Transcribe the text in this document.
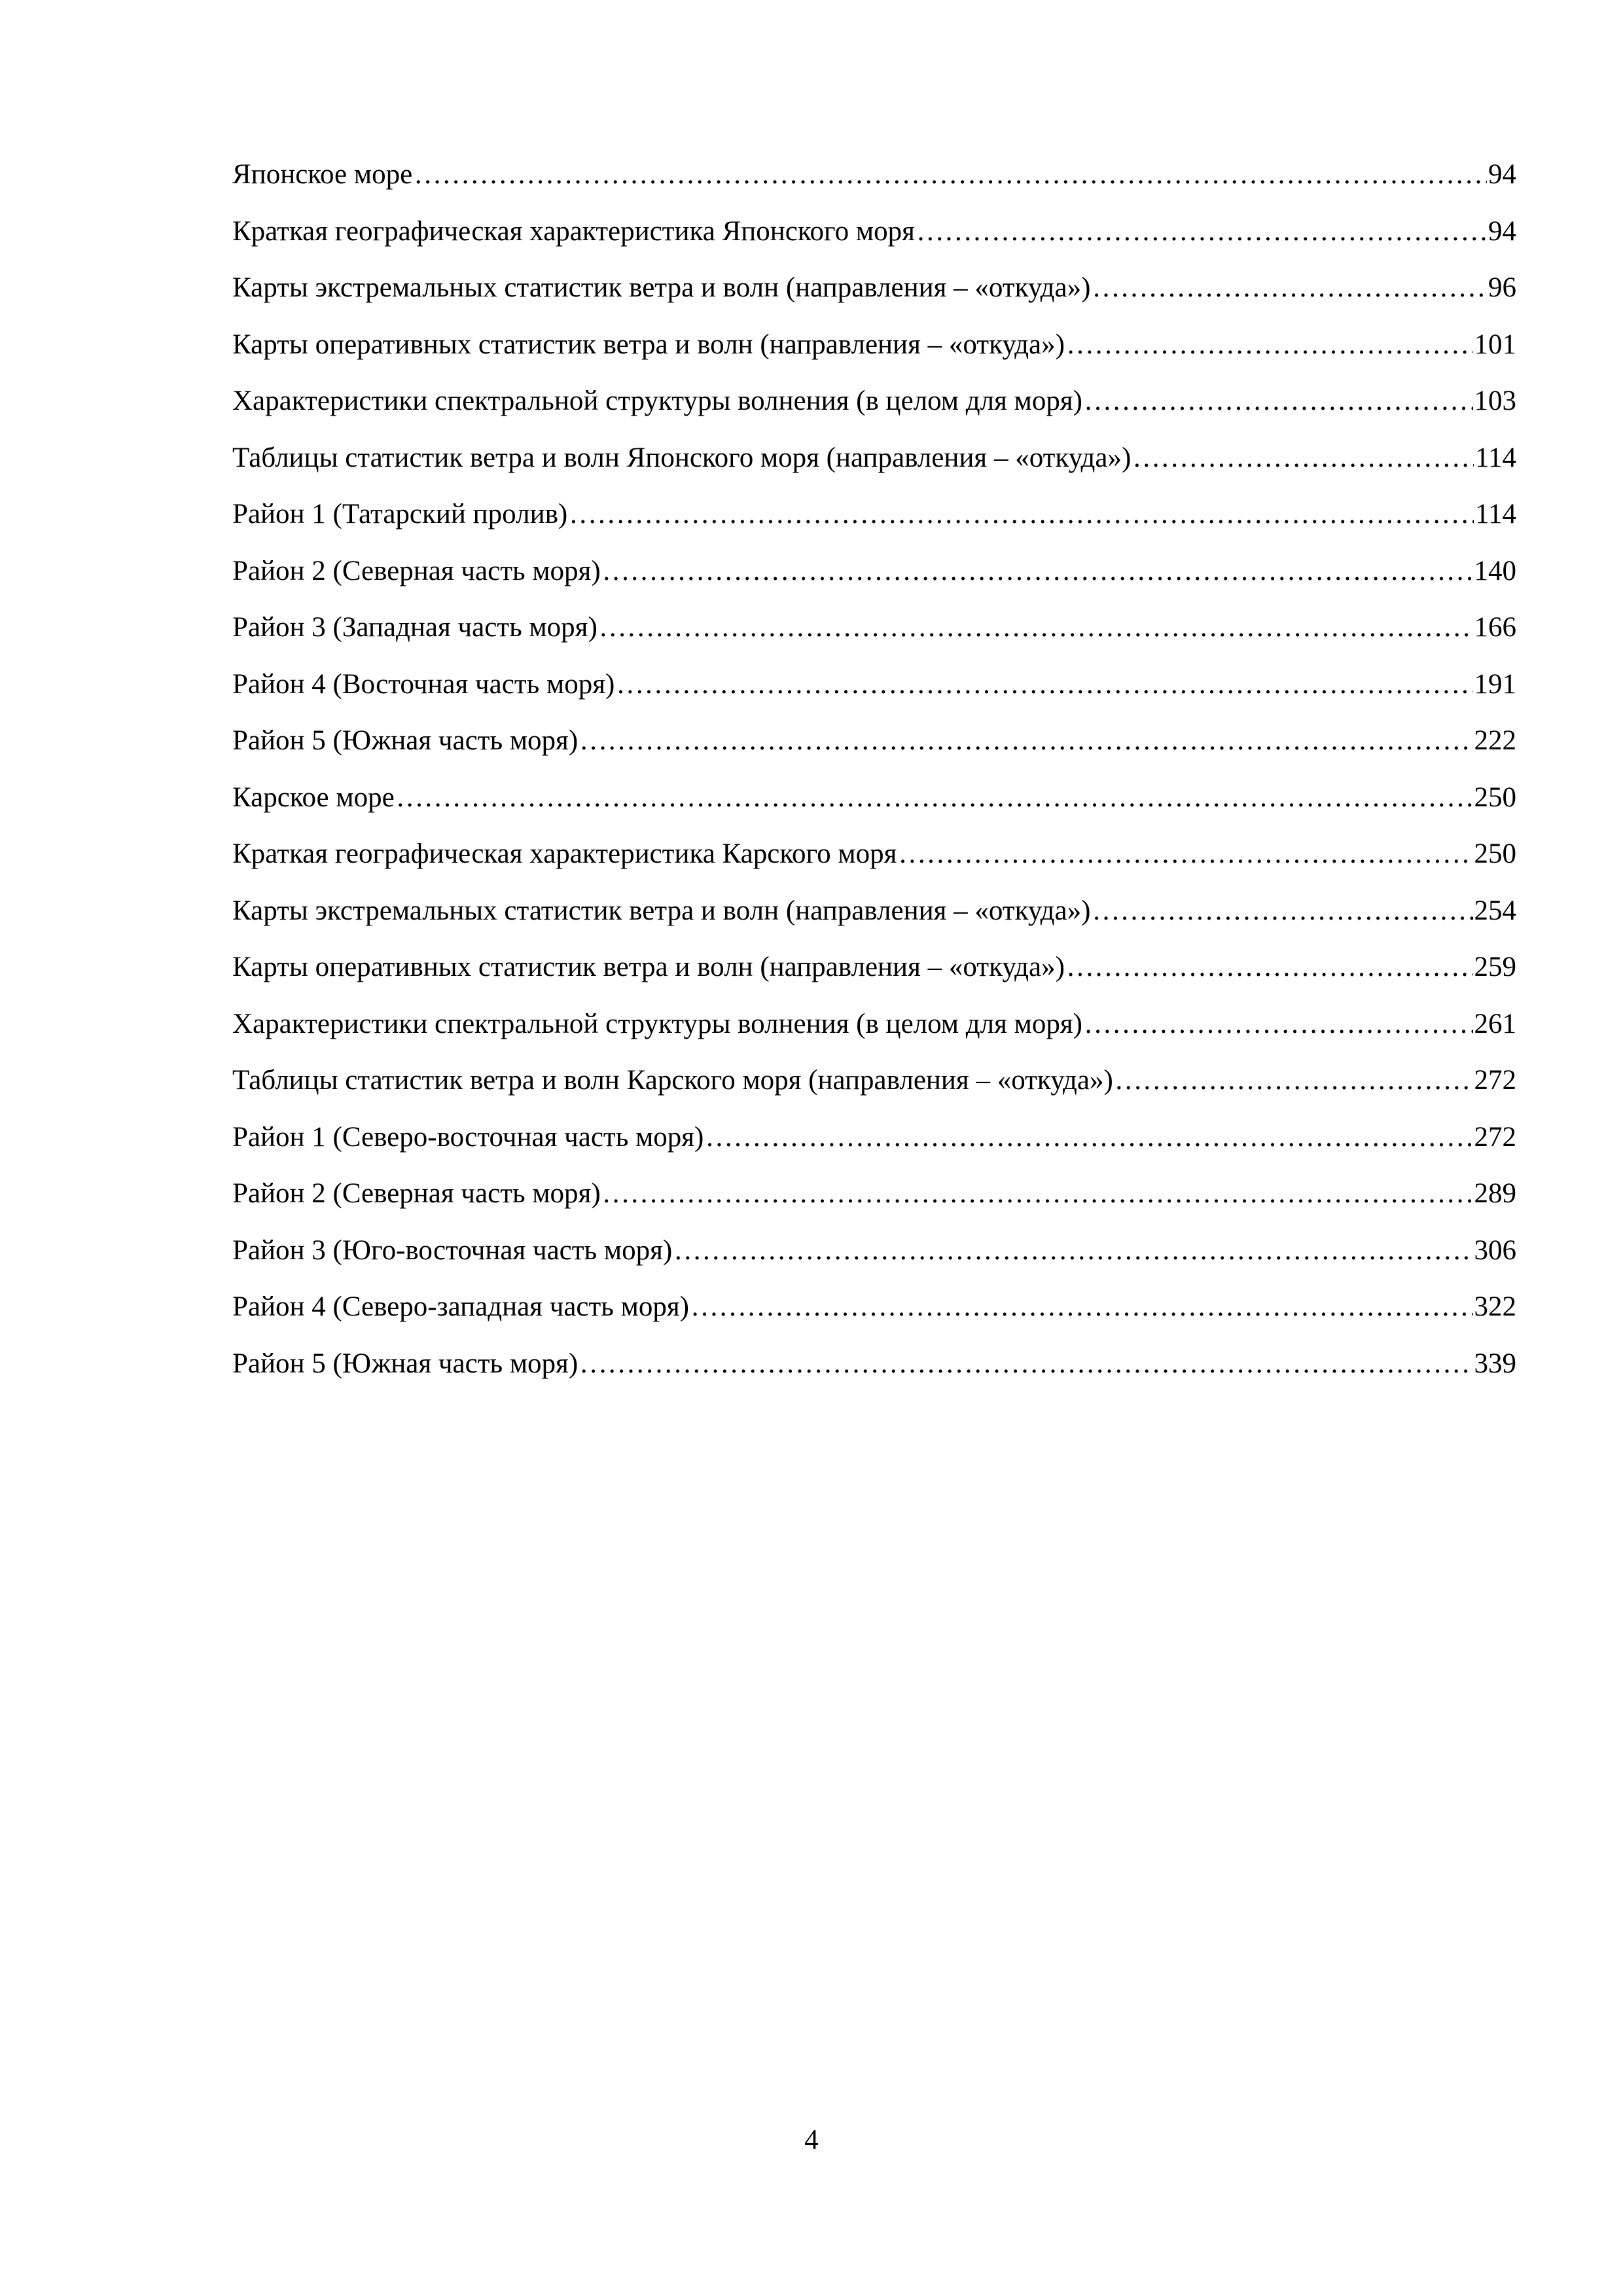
Японское море …………………………………………………………………………………………………………………………………………………………………………………………………………………………………………	94
Краткая географическая характеристика Японского моря …………………………………………………………………………………………………………………………………………………………………………………………………………………………………………	94
Карты экстремальных статистик ветра и волн (направления – «откуда») …………………………………………………………………………………………………………………………………………………………………………………………………………………………………………	96
Карты оперативных статистик ветра и волн (направления – «откуда») …………………………………………………………………………………………………………………………………………………………………………………………………………………………………………	101
Характеристики спектральной структуры волнения (в целом для моря) …………………………………………………………………………………………………………………………………………………………………………………………………………………………………………	103
Таблицы статистик ветра и волн Японского моря (направления – «откуда») …………………………………………………………………………………………………………………………………………………………………………………………………………………………………………	114
Район 1 (Татарский пролив) …………………………………………………………………………………………………………………………………………………………………………………………………………………………………………	114
Район 2 (Северная часть моря) …………………………………………………………………………………………………………………………………………………………………………………………………………………………………………	140
Район 3 (Западная часть моря) …………………………………………………………………………………………………………………………………………………………………………………………………………………………………………	166
Район 4 (Восточная часть моря) …………………………………………………………………………………………………………………………………………………………………………………………………………………………………………	191
Район 5 (Южная часть моря) …………………………………………………………………………………………………………………………………………………………………………………………………………………………………………	222
Карское море …………………………………………………………………………………………………………………………………………………………………………………………………………………………………………	250
Краткая географическая характеристика Карского моря …………………………………………………………………………………………………………………………………………………………………………………………………………………………………………	250
Карты экстремальных статистик ветра и волн (направления – «откуда») …………………………………………………………………………………………………………………………………………………………………………………………………………………………………………	254
Карты оперативных статистик ветра и волн (направления – «откуда») …………………………………………………………………………………………………………………………………………………………………………………………………………………………………………	259
Характеристики спектральной структуры волнения (в целом для моря) …………………………………………………………………………………………………………………………………………………………………………………………………………………………………………	261
Таблицы статистик ветра и волн Карского моря (направления – «откуда») …………………………………………………………………………………………………………………………………………………………………………………………………………………………………………	272
Район 1 (Северо-восточная часть моря) …………………………………………………………………………………………………………………………………………………………………………………………………………………………………………	272
Район 2 (Северная часть моря) …………………………………………………………………………………………………………………………………………………………………………………………………………………………………………	289
Район 3 (Юго-восточная часть моря) …………………………………………………………………………………………………………………………………………………………………………………………………………………………………………	306
Район 4 (Северо-западная часть моря) …………………………………………………………………………………………………………………………………………………………………………………………………………………………………………	322
Район 5 (Южная часть моря) …………………………………………………………………………………………………………………………………………………………………………………………………………………………………………	339
4
